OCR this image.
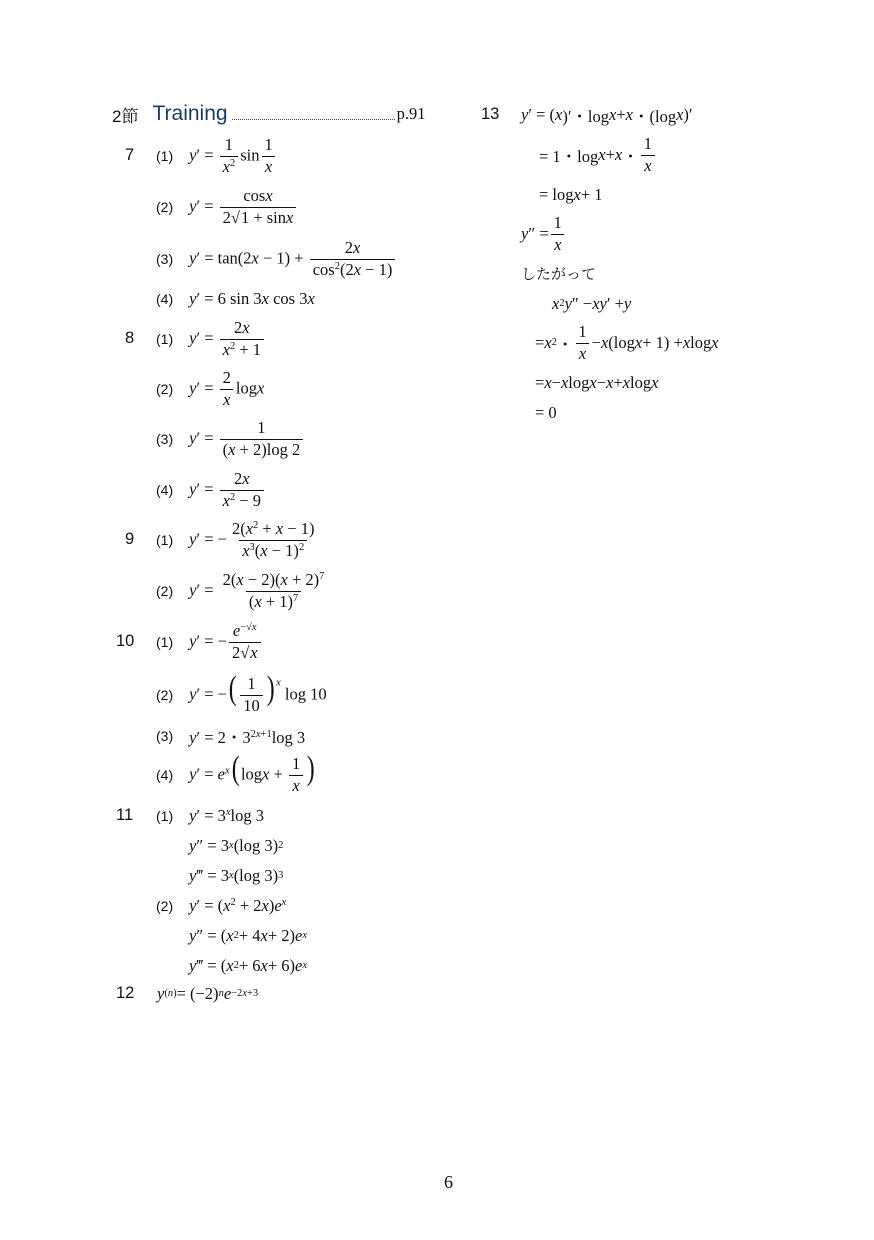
2節 Training	p.91
7 (1) $y' = \frac{1}{x^2}$ $\sin \frac{1}{x}$
(2) $y' = \frac{\cos x}{2√1 + \sin x}$
(3) $y' = \tan(2x - 1) + \frac{2x}{\cos^2(2x - 1)}$
(4) y′ = 6 sin 3x cos 3x
8 (1) $y' = \frac{2x}{x^2 + 1}$
(2) $y' = \frac{2}{x}$ logx
(3) $y' = \frac{1}{(x + 2)\log 2}$
(4) $y' = \frac{2x}{x^2 - 9}$
9 (1) y′ = − $\frac{2(x^2 + x - 1)}{x^3(x - 1)^2}$
(2) $y' = \frac{2(x - 2)(x + 2)^7}{(x + 1)^7}$
10 (1) y′ = − $\frac{e^{-√x}}{2√x}$
(2) y′ = −( $\frac{1}{10}$ ) $^x$ log 10
(3) y′ = 2・$3^{2x+1}\log$ 3
(4) $y' = e^x$( $\log x + \frac{1}{x}$ )
11 (1) $y' = 3^x\log$ 3
y ″ = 3 x (log 3) 2
y ‴ = 3 x (log 3) 3
(2) $y' = (x^2 + 2x)e^x$
y ″ = ( x 2 + 4 x + 2) e x
y ‴ = ( x 2 + 6 x + 6) e x
12 y (n) = (−2) n e −2x+3
13 y ′ = ( x )′・log x + x ・(log x )′
= 1・log x + x ・ $\frac{1}{x}$
= log x + 1
y ″ = $\frac{1}{x}$
したがって
x 2 y ″ − xy ′ + y
= x 2 ・ $\frac{1}{x} - x$ (log x + 1) + x log x
= x − x log x − x + x log x
= 0
6
